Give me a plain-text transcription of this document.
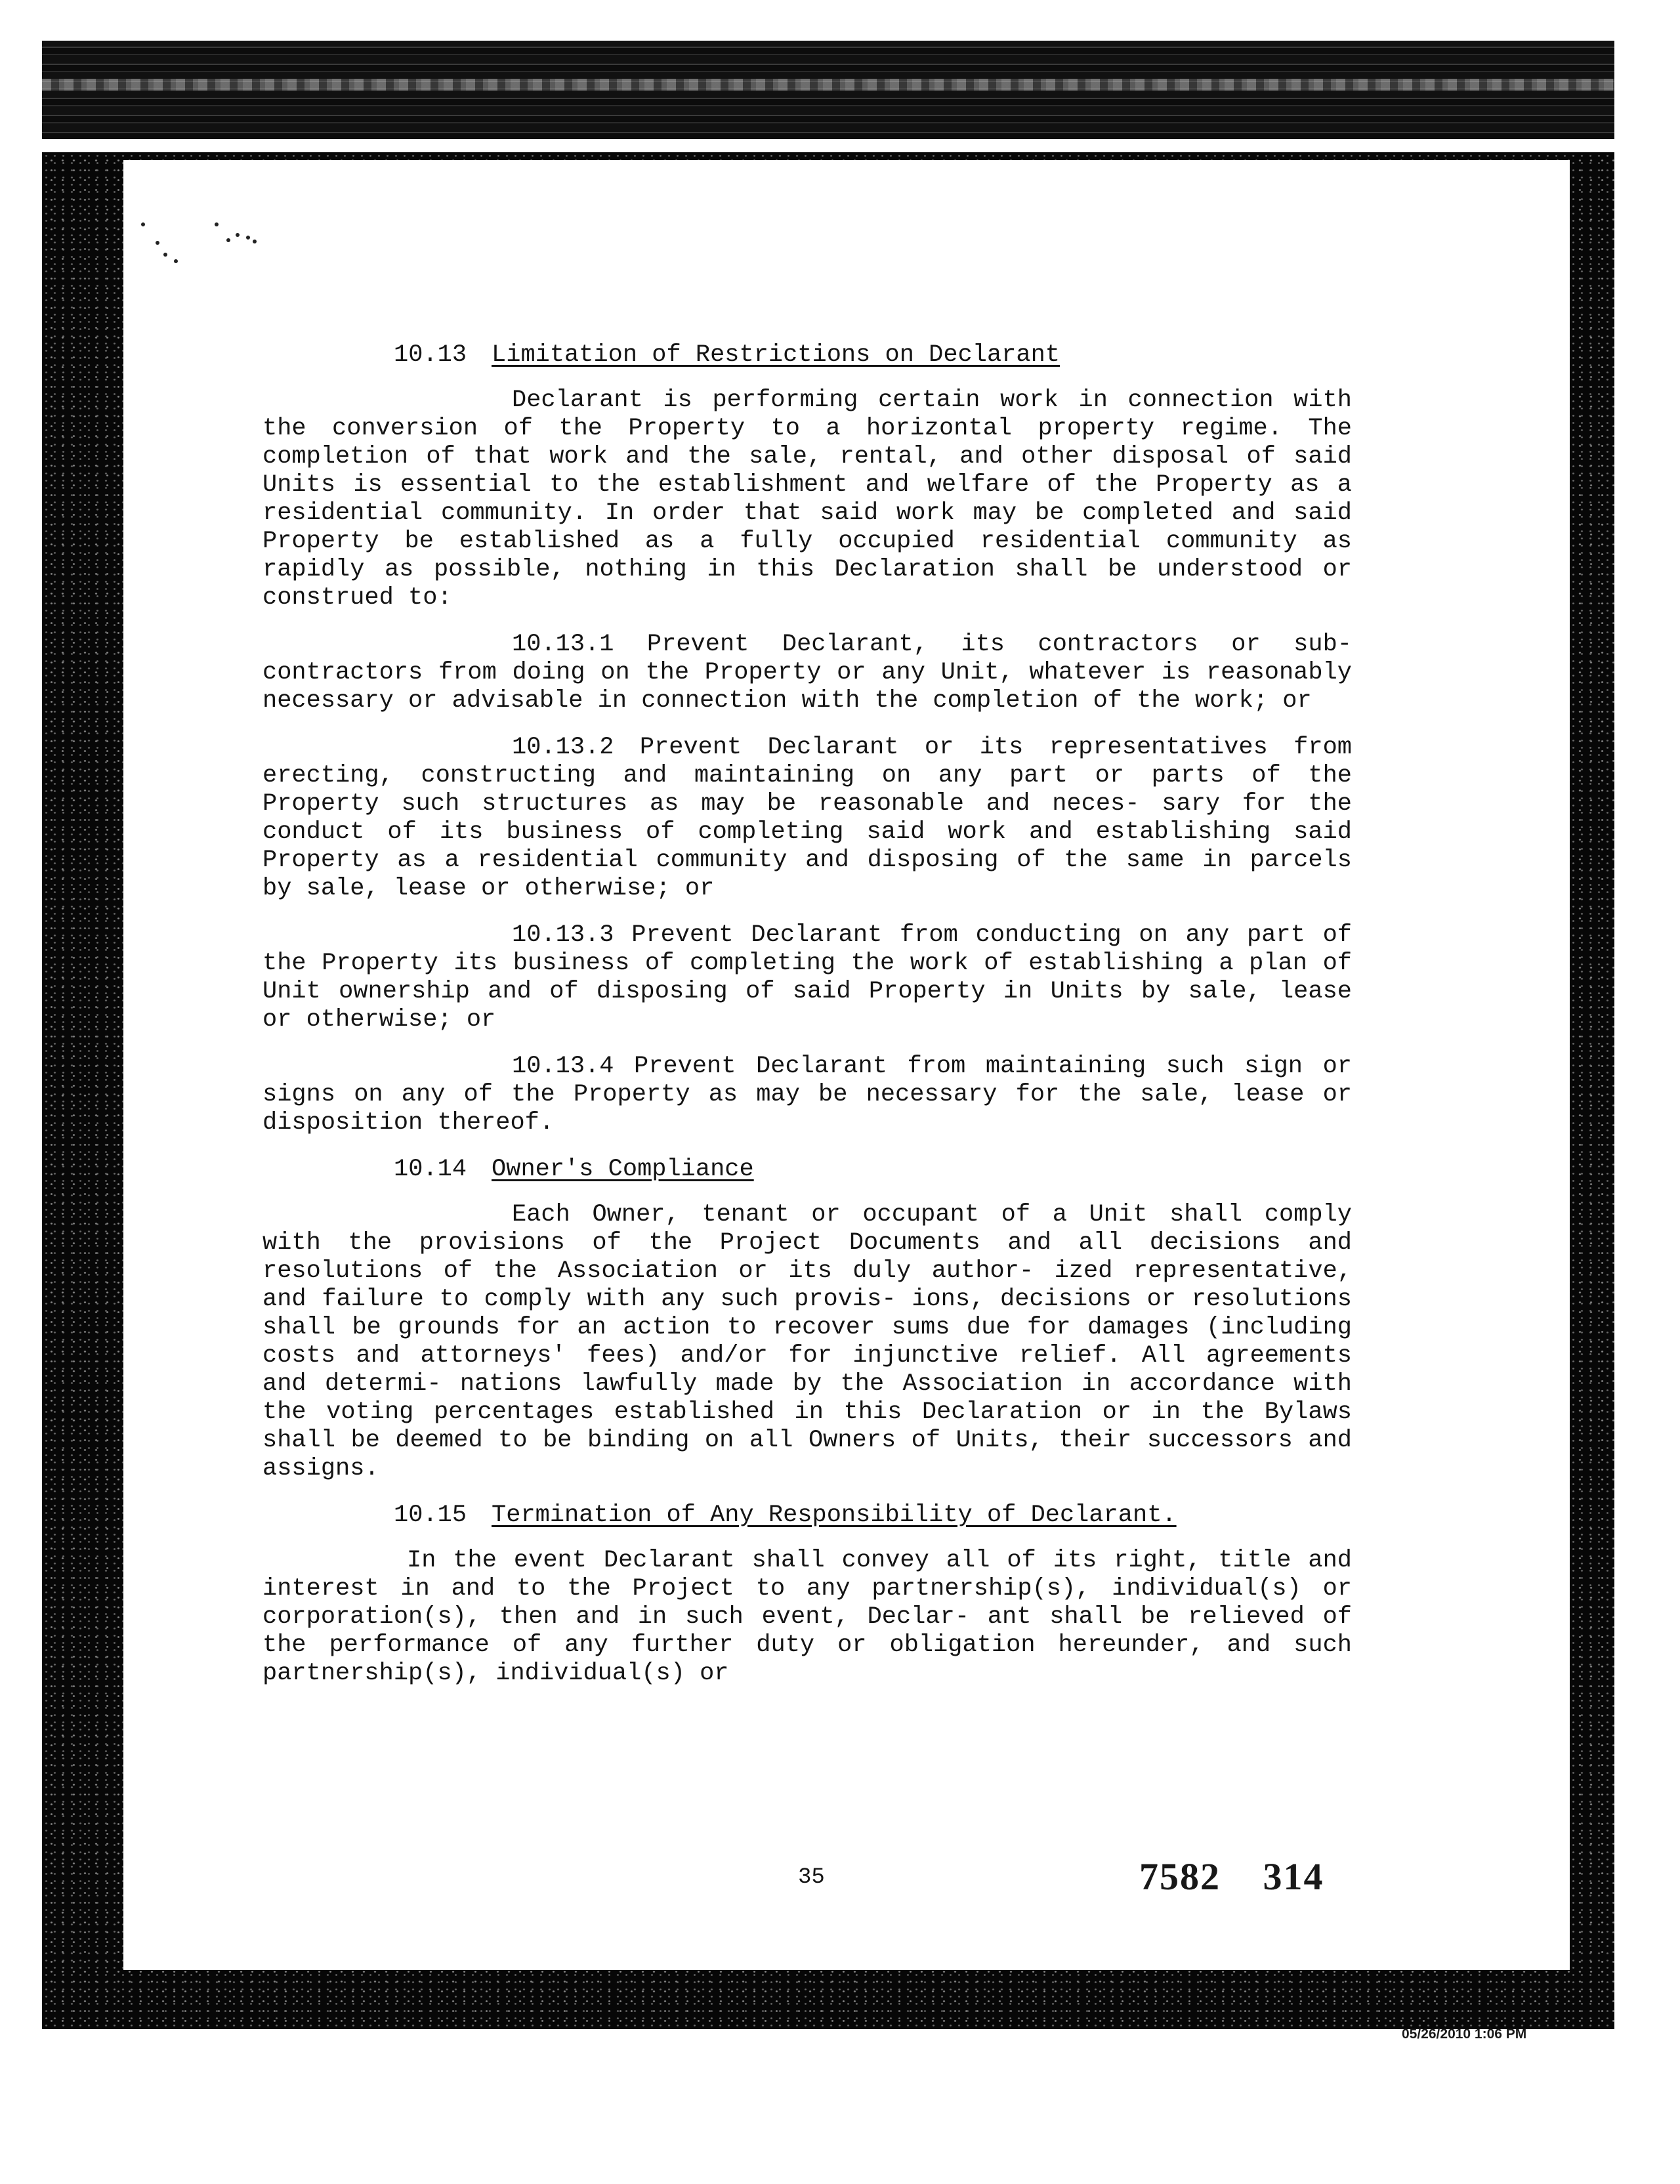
10.13 Limitation of Restrictions on Declarant

Declarant is performing certain work in connection with the conversion of the Property to a horizontal property regime. The completion of that work and the sale, rental, and other disposal of said Units is essential to the establishment and welfare of the Property as a residential community. In order that said work may be completed and said Property be established as a fully occupied residential community as rapidly as possible, nothing in this Declaration shall be understood or construed to:

10.13.1 Prevent Declarant, its contractors or sub-contractors from doing on the Property or any Unit, whatever is reasonably necessary or advisable in connection with the completion of the work; or

10.13.2 Prevent Declarant or its representatives from erecting, constructing and maintaining on any part or parts of the Property such structures as may be reasonable and neces- sary for the conduct of its business of completing said work and establishing said Property as a residential community and disposing of the same in parcels by sale, lease or otherwise; or

10.13.3 Prevent Declarant from conducting on any part of the Property its business of completing the work of establishing a plan of Unit ownership and of disposing of said Property in Units by sale, lease or otherwise; or

10.13.4 Prevent Declarant from maintaining such sign or signs on any of the Property as may be necessary for the sale, lease or disposition thereof.

10.14 Owner's Compliance

Each Owner, tenant or occupant of a Unit shall comply with the provisions of the Project Documents and all decisions and resolutions of the Association or its duly author- ized representative, and failure to comply with any such provis- ions, decisions or resolutions shall be grounds for an action to recover sums due for damages (including costs and attorneys' fees) and/or for injunctive relief. All agreements and determi- nations lawfully made by the Association in accordance with the voting percentages established in this Declaration or in the Bylaws shall be deemed to be binding on all Owners of Units, their successors and assigns.

10.15 Termination of Any Responsibility of Declarant.

In the event Declarant shall convey all of its right, title and interest in and to the Project to any partnership(s), individual(s) or corporation(s), then and in such event, Declar- ant shall be relieved of the performance of any further duty or obligation hereunder, and such partnership(s), individual(s) or

35	7582 314
05/26/2010 1:06 PM
